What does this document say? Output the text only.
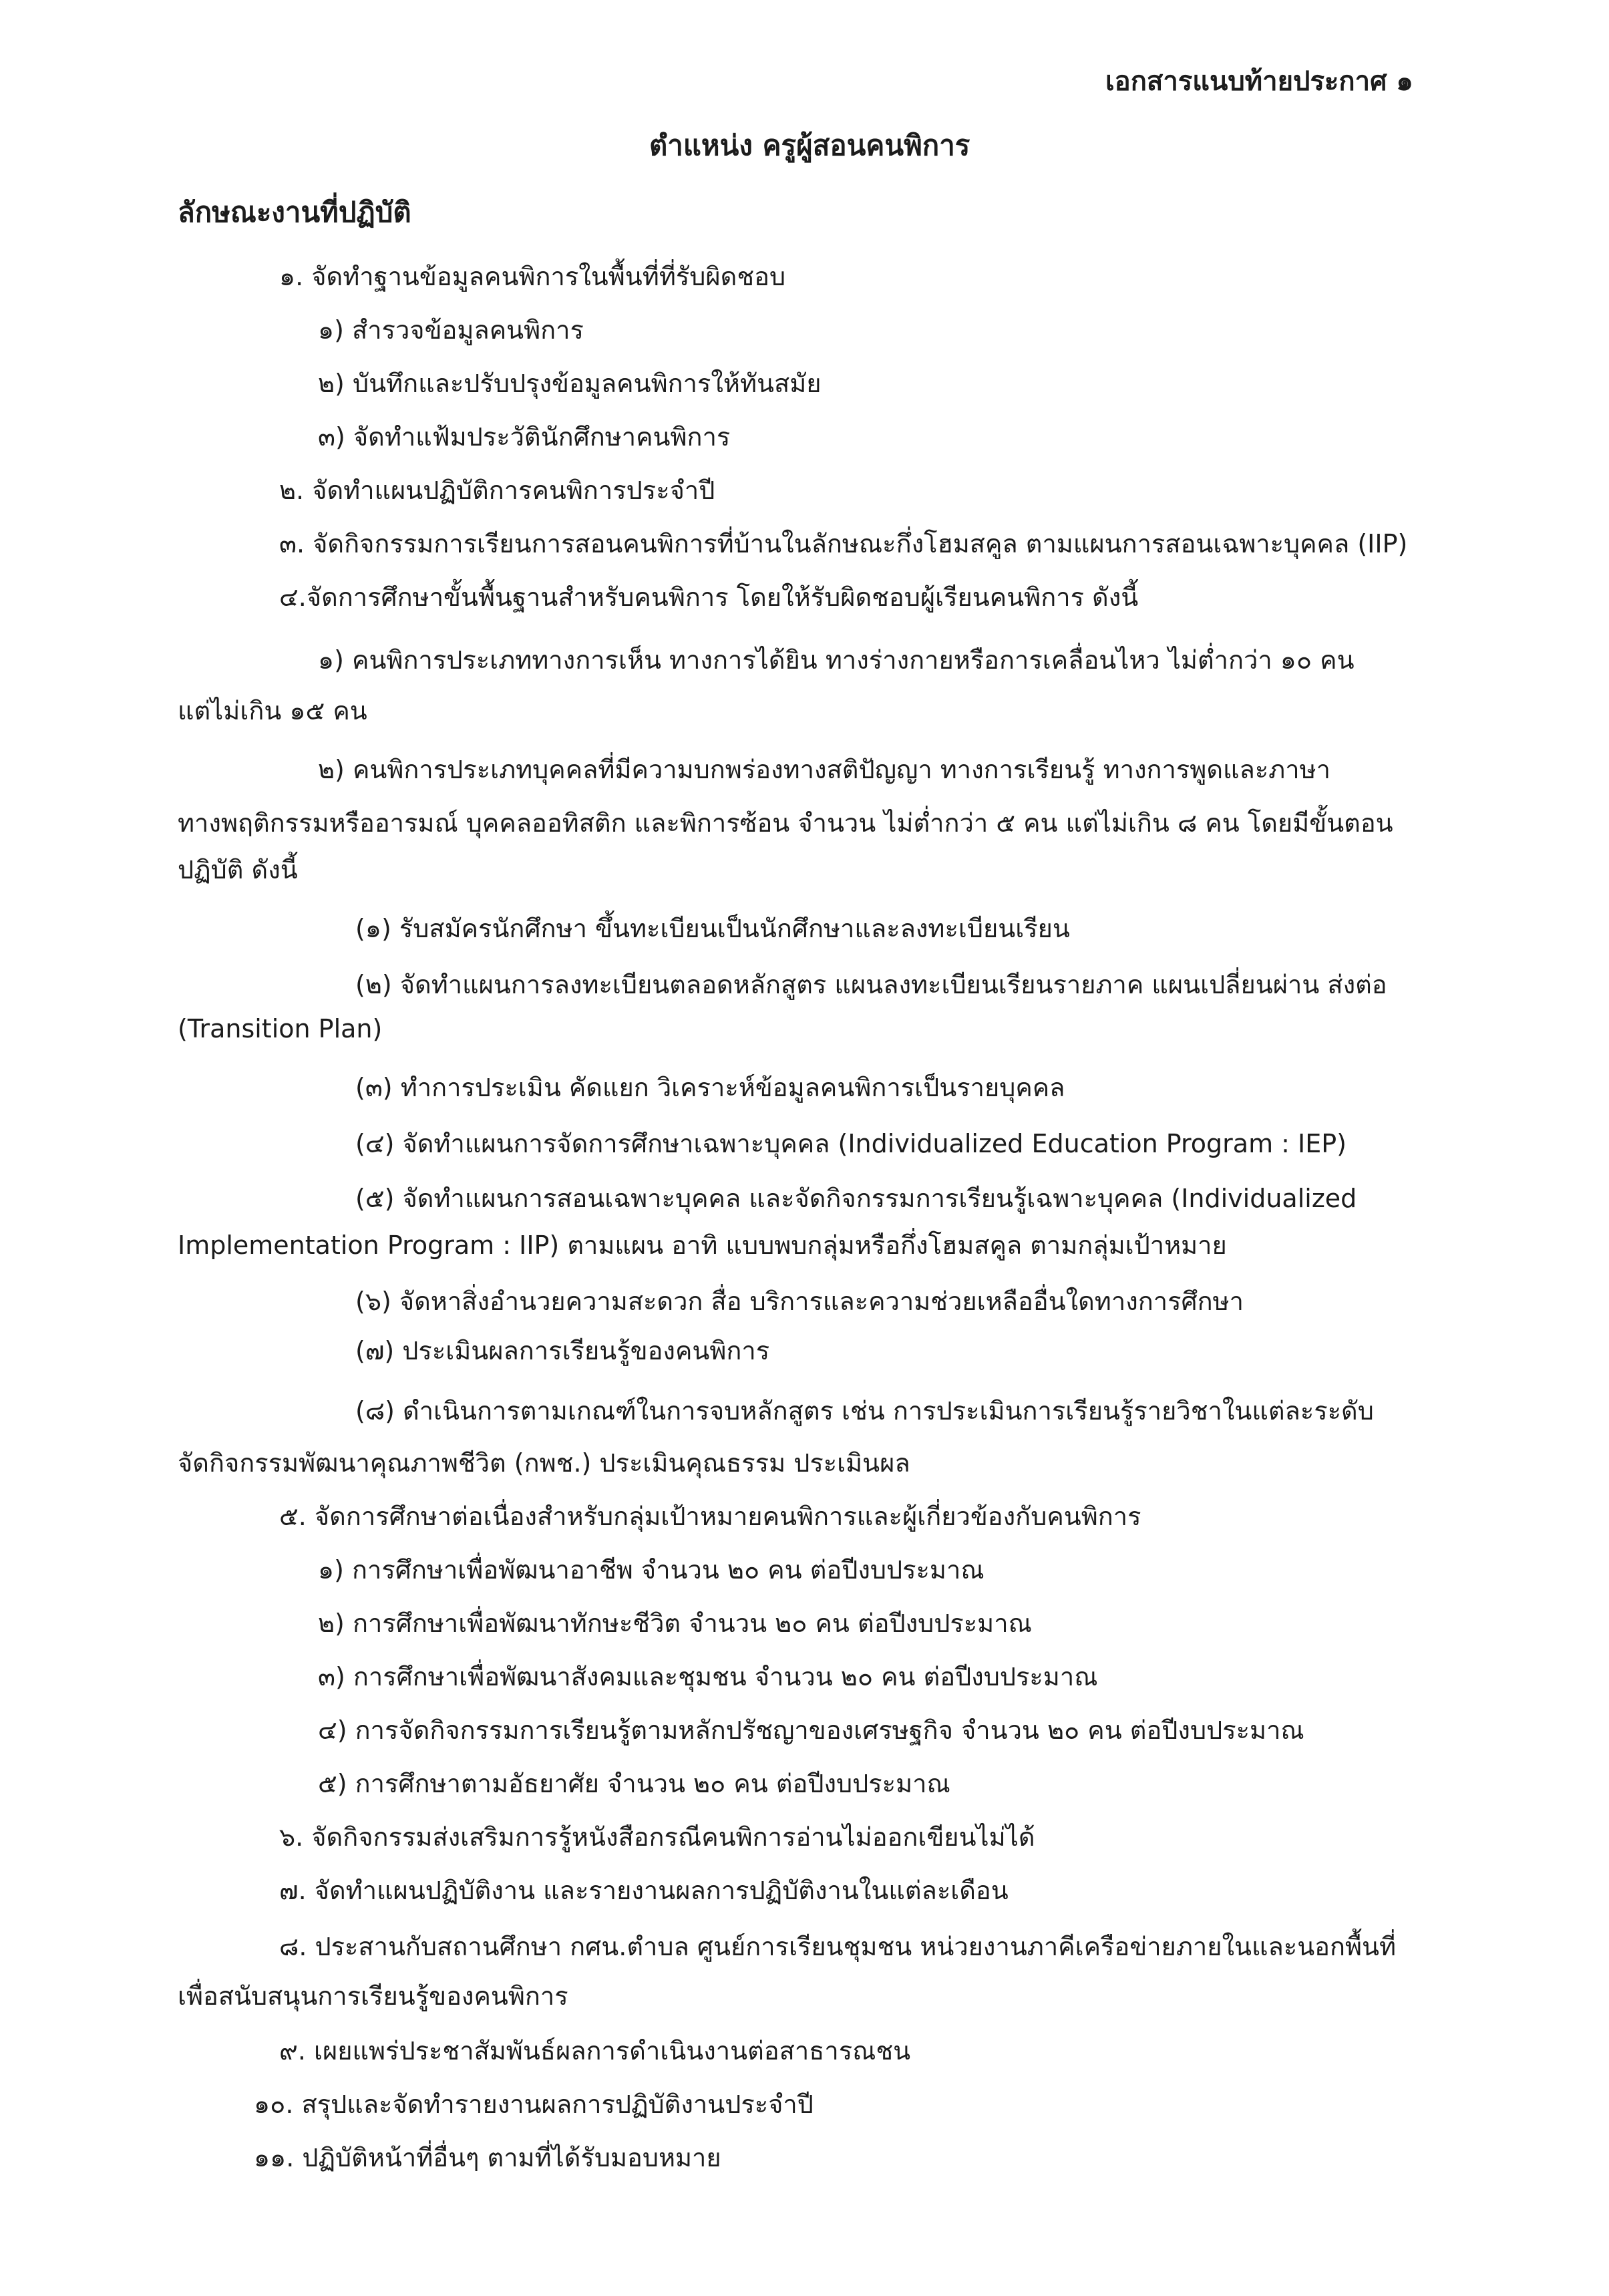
เอกสารแนบท้ายประกาศ ๑

ตำแหน่ง ครูผู้สอนคนพิการ

ลักษณะงานที่ปฏิบัติ

๑. จัดทำฐานข้อมูลคนพิการในพื้นที่ที่รับผิดชอบ

๑) สำรวจข้อมูลคนพิการ

๒) บันทึกและปรับปรุงข้อมูลคนพิการให้ทันสมัย

๓) จัดทำแฟ้มประวัตินักศึกษาคนพิการ

๒. จัดทำแผนปฏิบัติการคนพิการประจำปี

๓. จัดกิจกรรมการเรียนการสอนคนพิการที่บ้านในลักษณะกึ่งโฮมสคูล ตามแผนการสอนเฉพาะบุคคล (IIP)

๔.จัดการศึกษาขั้นพื้นฐานสำหรับคนพิการ โดยให้รับผิดชอบผู้เรียนคนพิการ ดังนี้

๑) คนพิการประเภททางการเห็น ทางการได้ยิน ทางร่างกายหรือการเคลื่อนไหว ไม่ต่ำกว่า ๑๐ คน

แต่ไม่เกิน ๑๕ คน

๒) คนพิการประเภทบุคคลที่มีความบกพร่องทางสติปัญญา ทางการเรียนรู้ ทางการพูดและภาษา

ทางพฤติกรรมหรืออารมณ์ บุคคลออทิสติก และพิการซ้อน จำนวน ไม่ต่ำกว่า ๕ คน แต่ไม่เกิน ๘ คน โดยมีขั้นตอน

ปฏิบัติ ดังนี้

(๑) รับสมัครนักศึกษา ขึ้นทะเบียนเป็นนักศึกษาและลงทะเบียนเรียน

(๒) จัดทำแผนการลงทะเบียนตลอดหลักสูตร แผนลงทะเบียนเรียนรายภาค แผนเปลี่ยนผ่าน ส่งต่อ

(Transition Plan)

(๓) ทำการประเมิน คัดแยก วิเคราะห์ข้อมูลคนพิการเป็นรายบุคคล

(๔) จัดทำแผนการจัดการศึกษาเฉพาะบุคคล (Individualized Education Program : IEP)

(๕) จัดทำแผนการสอนเฉพาะบุคคล และจัดกิจกรรมการเรียนรู้เฉพาะบุคคล (Individualized

Implementation Program : IIP) ตามแผน อาทิ แบบพบกลุ่มหรือกึ่งโฮมสคูล ตามกลุ่มเป้าหมาย

(๖) จัดหาสิ่งอำนวยความสะดวก สื่อ บริการและความช่วยเหลืออื่นใดทางการศึกษา

(๗) ประเมินผลการเรียนรู้ของคนพิการ

(๘) ดำเนินการตามเกณฑ์ในการจบหลักสูตร เช่น การประเมินการเรียนรู้รายวิชาในแต่ละระดับ

จัดกิจกรรมพัฒนาคุณภาพชีวิต (กพช.) ประเมินคุณธรรม ประเมินผล

๕. จัดการศึกษาต่อเนื่องสำหรับกลุ่มเป้าหมายคนพิการและผู้เกี่ยวข้องกับคนพิการ

๑) การศึกษาเพื่อพัฒนาอาชีพ จำนวน ๒๐ คน ต่อปีงบประมาณ

๒) การศึกษาเพื่อพัฒนาทักษะชีวิต จำนวน ๒๐ คน ต่อปีงบประมาณ

๓) การศึกษาเพื่อพัฒนาสังคมและชุมชน จำนวน ๒๐ คน ต่อปีงบประมาณ

๔) การจัดกิจกรรมการเรียนรู้ตามหลักปรัชญาของเศรษฐกิจ จำนวน ๒๐ คน ต่อปีงบประมาณ

๕) การศึกษาตามอัธยาศัย จำนวน ๒๐ คน ต่อปีงบประมาณ

๖. จัดกิจกรรมส่งเสริมการรู้หนังสือกรณีคนพิการอ่านไม่ออกเขียนไม่ได้

๗. จัดทำแผนปฏิบัติงาน และรายงานผลการปฏิบัติงานในแต่ละเดือน

๘. ประสานกับสถานศึกษา กศน.ตำบล ศูนย์การเรียนชุมชน หน่วยงานภาคีเครือข่ายภายในและนอกพื้นที่

เพื่อสนับสนุนการเรียนรู้ของคนพิการ

๙. เผยแพร่ประชาสัมพันธ์ผลการดำเนินงานต่อสาธารณชน

๑๐. สรุปและจัดทำรายงานผลการปฏิบัติงานประจำปี

๑๑. ปฏิบัติหน้าที่อื่นๆ ตามที่ได้รับมอบหมาย
